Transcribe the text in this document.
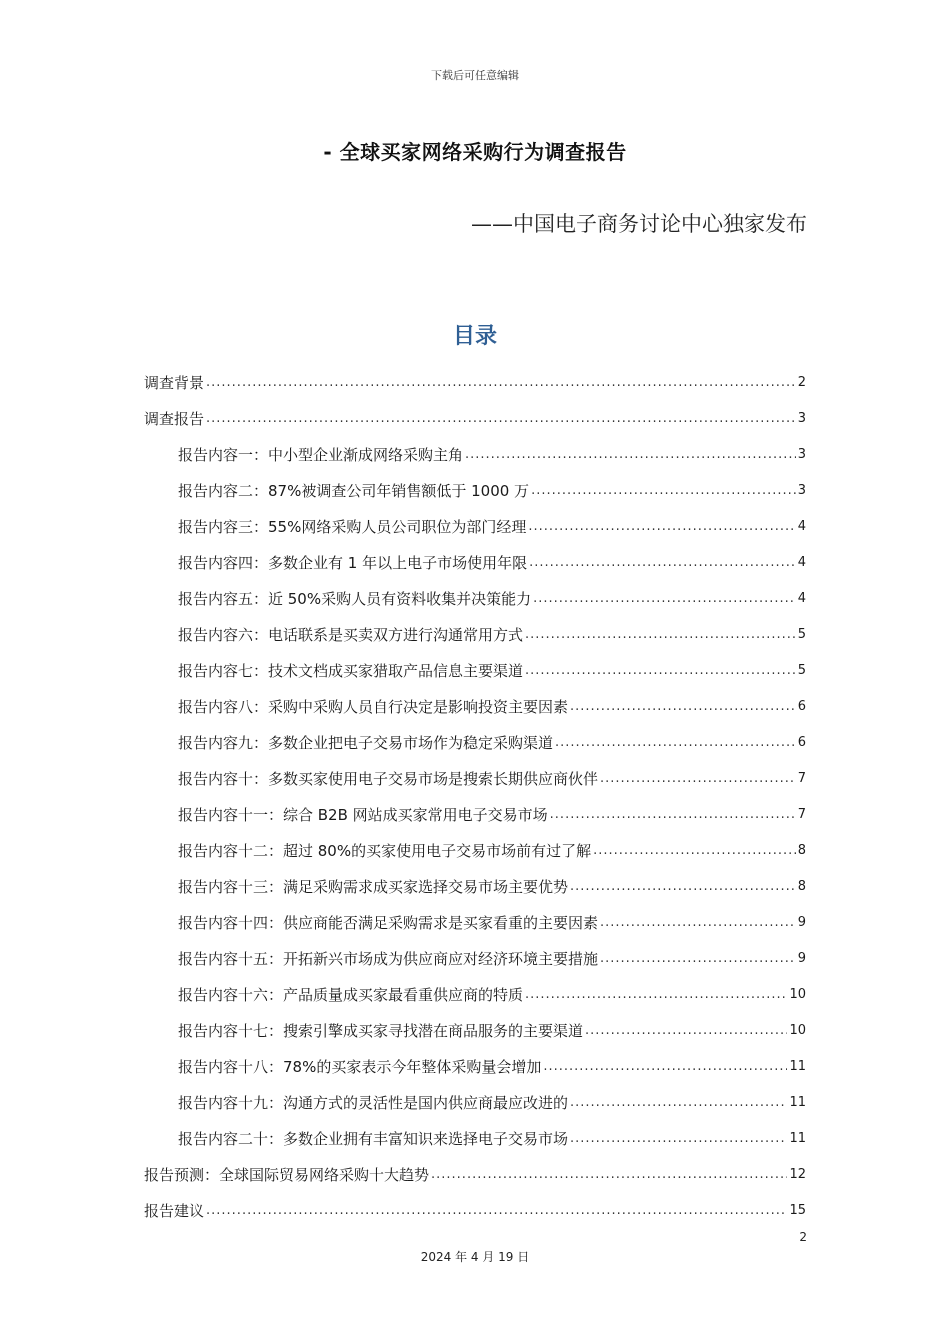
下载后可任意编辑
- 全球买家网络采购行为调查报告
——中国电子商务讨论中心独家发布
目录
调查背景 .....	2
调查报告 .....	3
报告内容一：中小型企业渐成网络采购主角 .....	3
报告内容二：87%被调查公司年销售额低于 1000 万 .....	3
报告内容三：55%网络采购人员公司职位为部门经理 .....	4
报告内容四：多数企业有 1 年以上电子市场使用年限 .....	4
报告内容五：近 50%采购人员有资料收集并决策能力 .....	4
报告内容六：电话联系是买卖双方进行沟通常用方式 .....	5
报告内容七：技术文档成买家猎取产品信息主要渠道 .....	5
报告内容八：采购中采购人员自行决定是影响投资主要因素 .....	6
报告内容九：多数企业把电子交易市场作为稳定采购渠道 .....	6
报告内容十：多数买家使用电子交易市场是搜索长期供应商伙伴 .....	7
报告内容十一：综合 B2B 网站成买家常用电子交易市场 .....	7
报告内容十二：超过 80%的买家使用电子交易市场前有过了解 .....	8
报告内容十三：满足采购需求成买家选择交易市场主要优势 .....	8
报告内容十四：供应商能否满足采购需求是买家看重的主要因素 .....	9
报告内容十五：开拓新兴市场成为供应商应对经济环境主要措施 .....	9
报告内容十六：产品质量成买家最看重供应商的特质 .....	10
报告内容十七：搜索引擎成买家寻找潜在商品服务的主要渠道 .....	10
报告内容十八：78%的买家表示今年整体采购量会增加 .....	11
报告内容十九：沟通方式的灵活性是国内供应商最应改进的 .....	11
报告内容二十：多数企业拥有丰富知识来选择电子交易市场 .....	11
报告预测：全球国际贸易网络采购十大趋势 .....	12
报告建议 .....	15
2
2024 年 4 月 19 日
